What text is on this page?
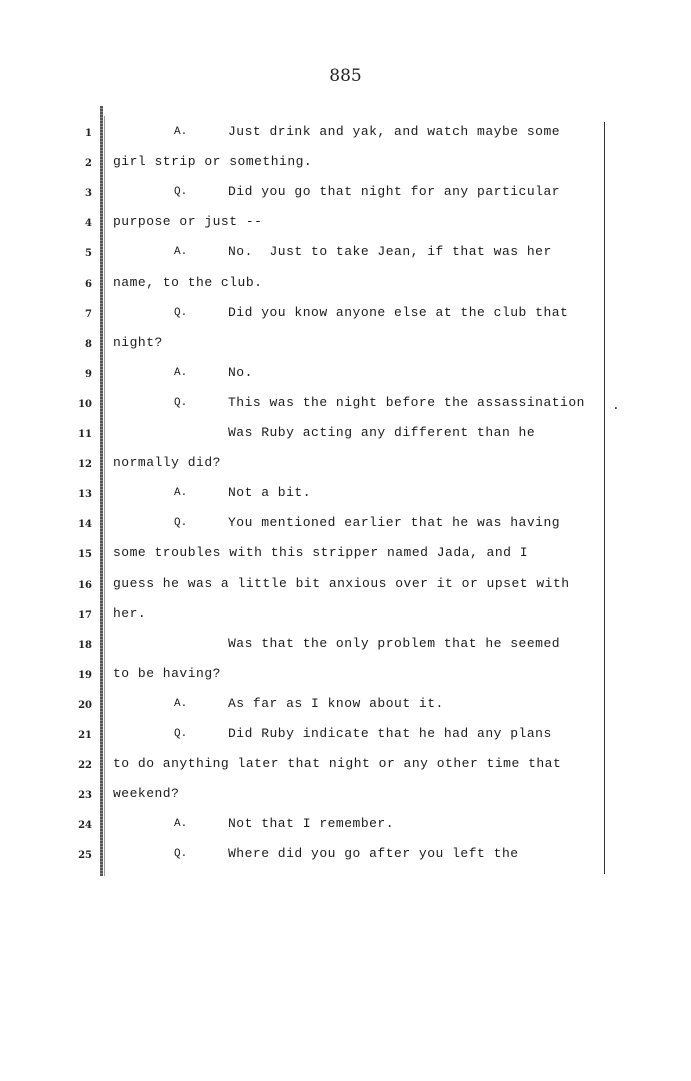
885
1	A.	Just drink and yak, and watch maybe some
2 girl strip or something.
3	Q.	Did you go that night for any particular
4 purpose or just --
5	A.	No.  Just to take Jean, if that was her
6 name, to the club.
7	Q.	Did you know anyone else at the club that
8 night?
9	A.	No.
10	Q.	This was the night before the assassination
11	Was Ruby acting any different than he
12 normally did?
13	A.	Not a bit.
14	Q.	You mentioned earlier that he was having
15 some troubles with this stripper named Jada, and I
16 guess he was a little bit anxious over it or upset with
17 her.
18	Was that the only problem that he seemed
19 to be having?
20	A.	As far as I know about it.
21	Q.	Did Ruby indicate that he had any plans
22 to do anything later that night or any other time that
23 weekend?
24	A.	Not that I remember.
25	Q.	Where did you go after you left the
.
